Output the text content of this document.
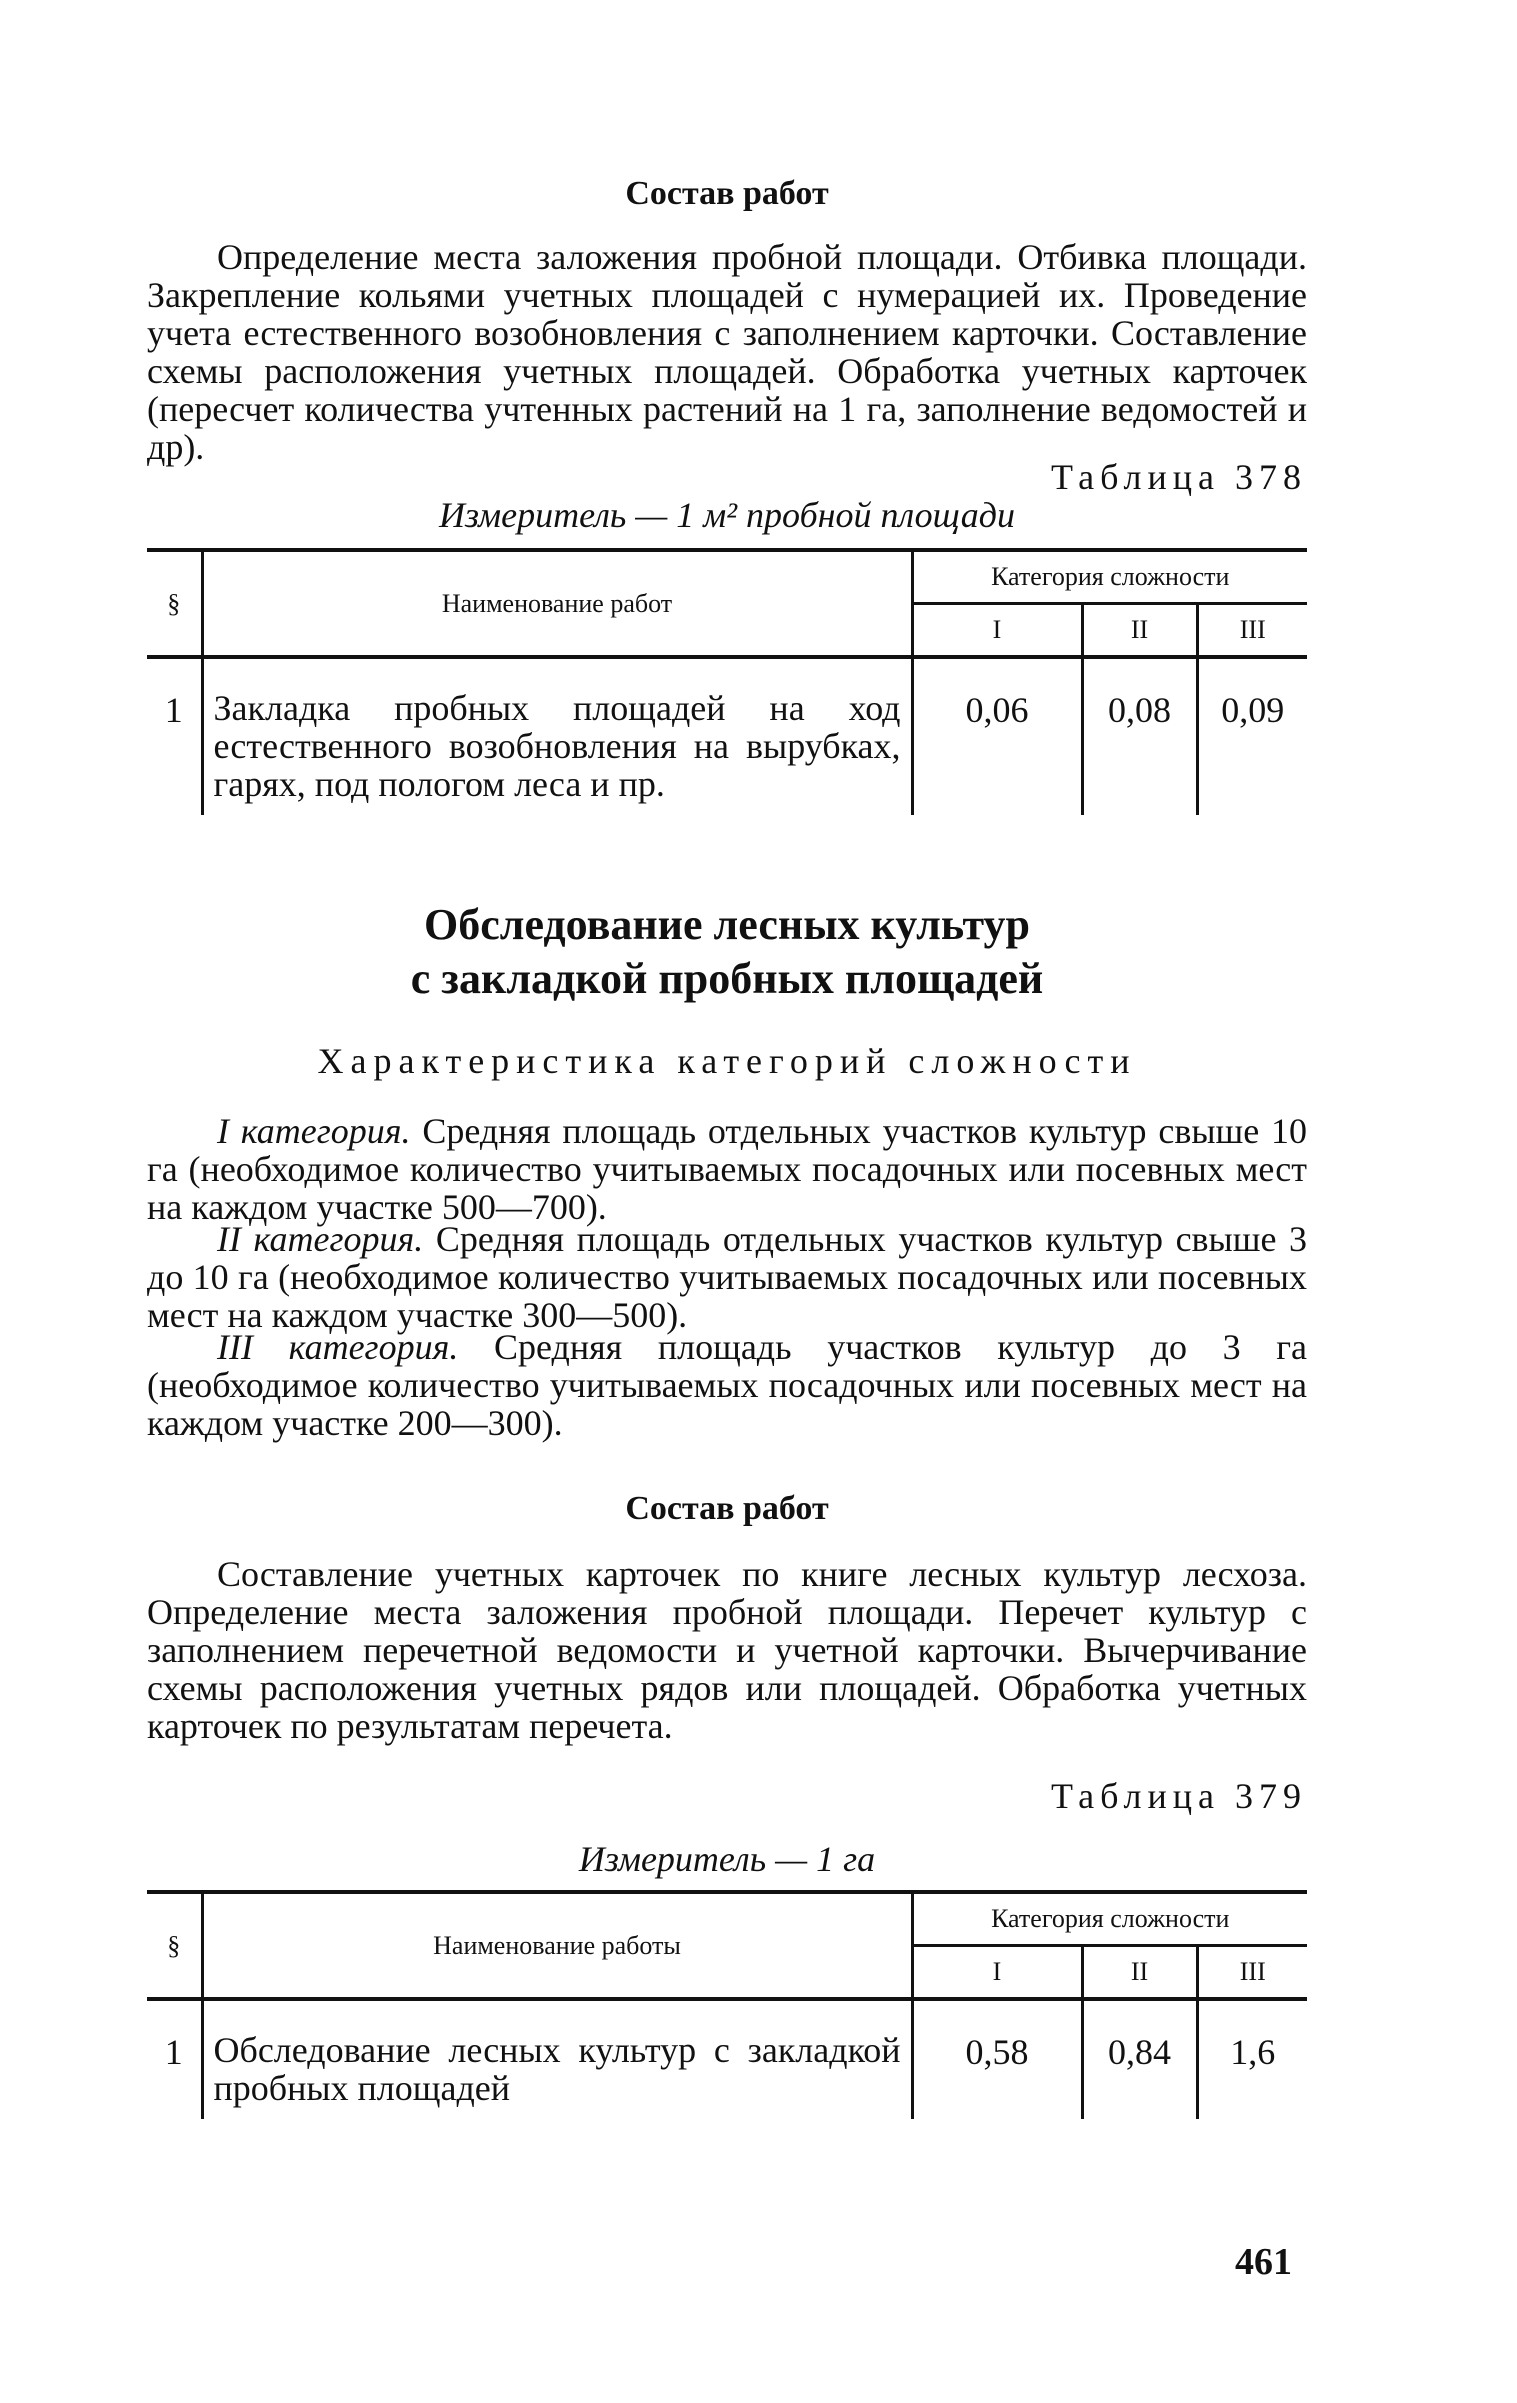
Состав работ

Определение места заложения пробной площади. Отбивка площади. Закрепление кольями учетных площадей с нумерацией их. Проведение учета естественного возобновления с заполнением карточки. Составление схемы расположения учетных площадей. Обработка учетных карточек (пересчет количества учтенных растений на 1 га, заполнение ведомостей и др).

Таблица 378
Измеритель — 1 м² пробной площади
§	Наименование работ	Категория сложности		
		I	II	III
1	Закладка пробных площадей на ход естественного возобновления на вырубках, гарях, под пологом леса и пр.	0,06	0,08	0,09
Обследование лесных культур
с закладкой пробных площадей
Характеристика категорий сложности

I категория. Средняя площадь отдельных участков культур свыше 10 га (необходимое количество учитываемых посадочных или посевных мест на каждом участке 500—700).

II категория. Средняя площадь отдельных участков культур свыше 3 до 10 га (необходимое количество учитываемых посадочных или посевных мест на каждом участке 300—500).

III категория. Средняя площадь участков культур до 3 га (необходимое количество учитываемых посадочных или посевных мест на каждом участке 200—300).

Состав работ

Составление учетных карточек по книге лесных культур лесхоза. Определение места заложения пробной площади. Перечет культур с заполнением перечетной ведомости и учетной карточки. Вычерчивание схемы расположения учетных рядов или площадей. Обработка учетных карточек по результатам перечета.

Таблица 379
Измеритель — 1 га
§	Наименование работы	Категория сложности		
		I	II	III
1	Обследование лесных культур с закладкой пробных площадей	0,58	0,84	1,6
461
